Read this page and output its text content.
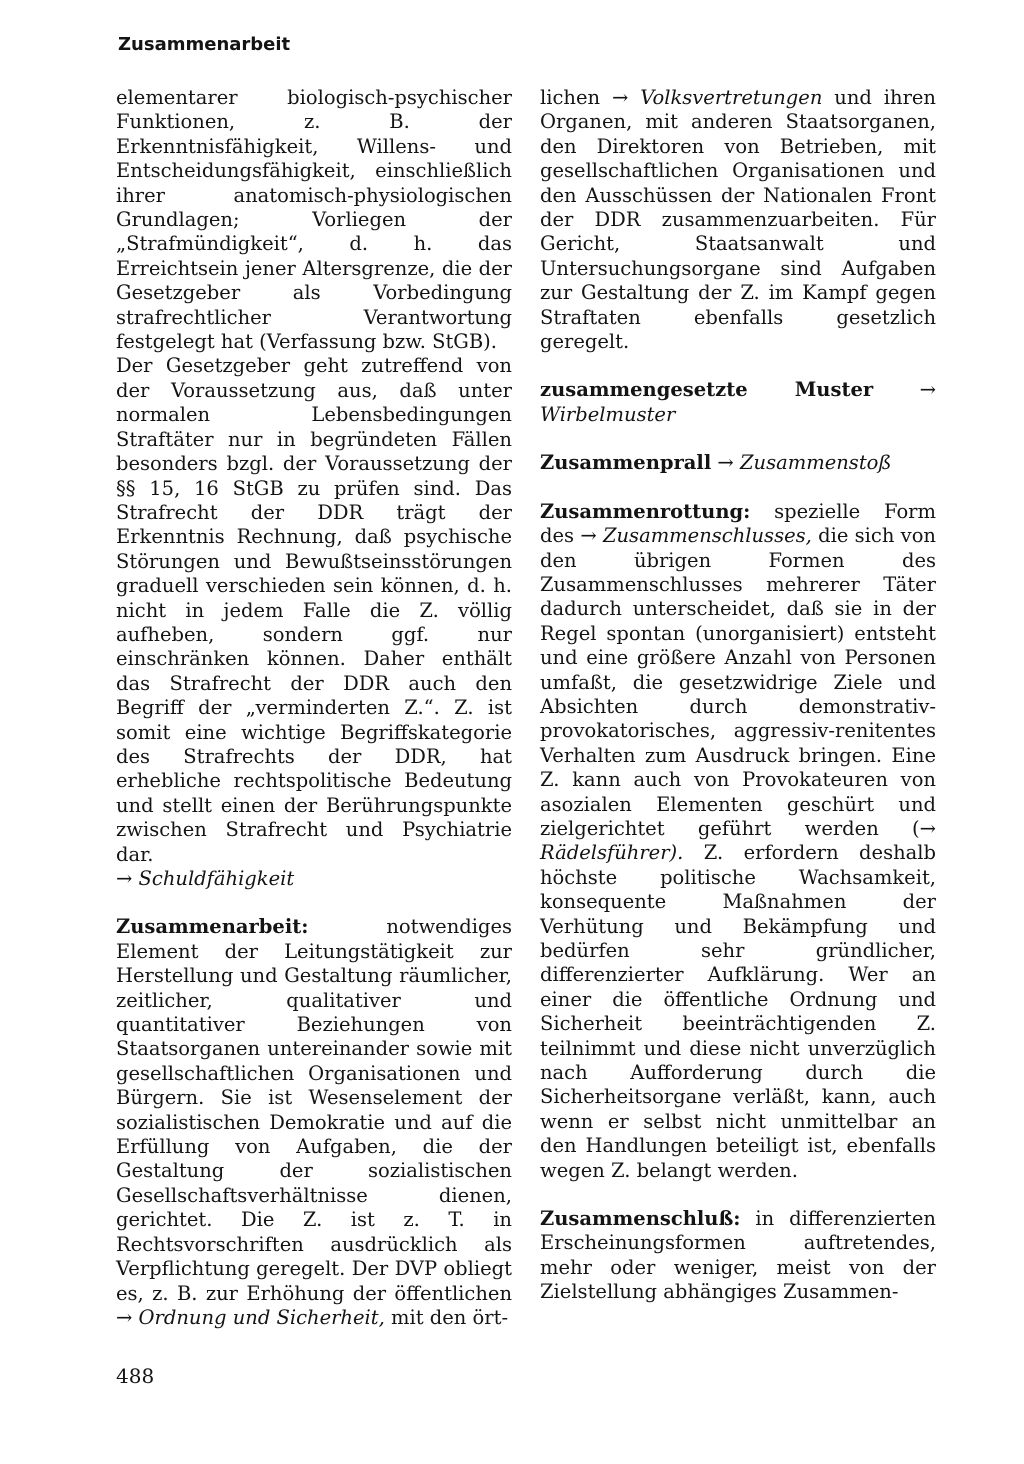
Zusammenarbeit

elementarer biologisch-psychischer Funktionen, z. B. der Erkenntnisfähigkeit, Willens- und Entscheidungsfähigkeit, einschließlich ihrer anatomisch-physiologischen Grundlagen; Vorliegen der „Strafmündigkeit“, d. h. das Erreichtsein jener Altersgrenze, die der Gesetzgeber als Vorbedingung strafrechtlicher Verantwortung festgelegt hat (Verfassung bzw. StGB).

Der Gesetzgeber geht zutreffend von der Voraussetzung aus, daß unter normalen Lebensbedingungen Straftäter nur in begründeten Fällen besonders bzgl. der Voraussetzung der §§ 15, 16 StGB zu prüfen sind. Das Strafrecht der DDR trägt der Erkenntnis Rechnung, daß psychische Störungen und Bewußtseinsstörungen graduell verschieden sein können, d. h. nicht in jedem Falle die Z. völlig aufheben, sondern ggf. nur einschränken können. Daher enthält das Strafrecht der DDR auch den Begriff der „verminderten Z.“. Z. ist somit eine wichtige Begriffskategorie des Strafrechts der DDR, hat erhebliche rechtspolitische Bedeutung und stellt einen der Berührungspunkte zwischen Strafrecht und Psychiatrie dar.
→ Schuldfähigkeit

Zusammenarbeit: notwendiges Element der Leitungstätigkeit zur Herstellung und Gestaltung räumlicher, zeitlicher, qualitativer und quantitativer Beziehungen von Staatsorganen untereinander sowie mit gesellschaftlichen Organisationen und Bürgern. Sie ist Wesenselement der sozialistischen Demokratie und auf die Erfüllung von Aufgaben, die der Gestaltung der sozialistischen Gesellschaftsverhältnisse dienen, gerichtet. Die Z. ist z. T. in Rechtsvorschriften ausdrücklich als Verpflichtung geregelt. Der DVP obliegt es, z. B. zur Erhöhung der öffentlichen → Ordnung und Sicherheit, mit den ört-

lichen → Volksvertretungen und ihren Organen, mit anderen Staatsorganen, den Direktoren von Betrieben, mit gesellschaftlichen Organisationen und den Ausschüssen der Nationalen Front der DDR zusammenzuarbeiten. Für Gericht, Staatsanwalt und Untersuchungsorgane sind Aufgaben zur Gestaltung der Z. im Kampf gegen Straftaten ebenfalls gesetzlich geregelt.

zusammengesetzte Muster → Wirbelmuster

Zusammenprall → Zusammenstoß

Zusammenrottung: spezielle Form des → Zusammenschlusses, die sich von den übrigen Formen des Zusammenschlusses mehrerer Täter dadurch unterscheidet, daß sie in der Regel spontan (unorganisiert) entsteht und eine größere Anzahl von Personen umfaßt, die gesetzwidrige Ziele und Absichten durch demonstrativ-provokatorisches, aggressiv-renitentes Verhalten zum Ausdruck bringen. Eine Z. kann auch von Provokateuren von asozialen Elementen geschürt und zielgerichtet geführt werden (→ Rädelsführer). Z. erfordern deshalb höchste politische Wachsamkeit, konsequente Maßnahmen der Verhütung und Bekämpfung und bedürfen sehr gründlicher, differenzierter Aufklärung. Wer an einer die öffentliche Ordnung und Sicherheit beeinträchtigenden Z. teilnimmt und diese nicht unverzüglich nach Aufforderung durch die Sicherheitsorgane verläßt, kann, auch wenn er selbst nicht unmittelbar an den Handlungen beteiligt ist, ebenfalls wegen Z. belangt werden.

Zusammenschluß: in differenzierten Erscheinungsformen auftretendes, mehr oder weniger, meist von der Zielstellung abhängiges Zusammen-

488
